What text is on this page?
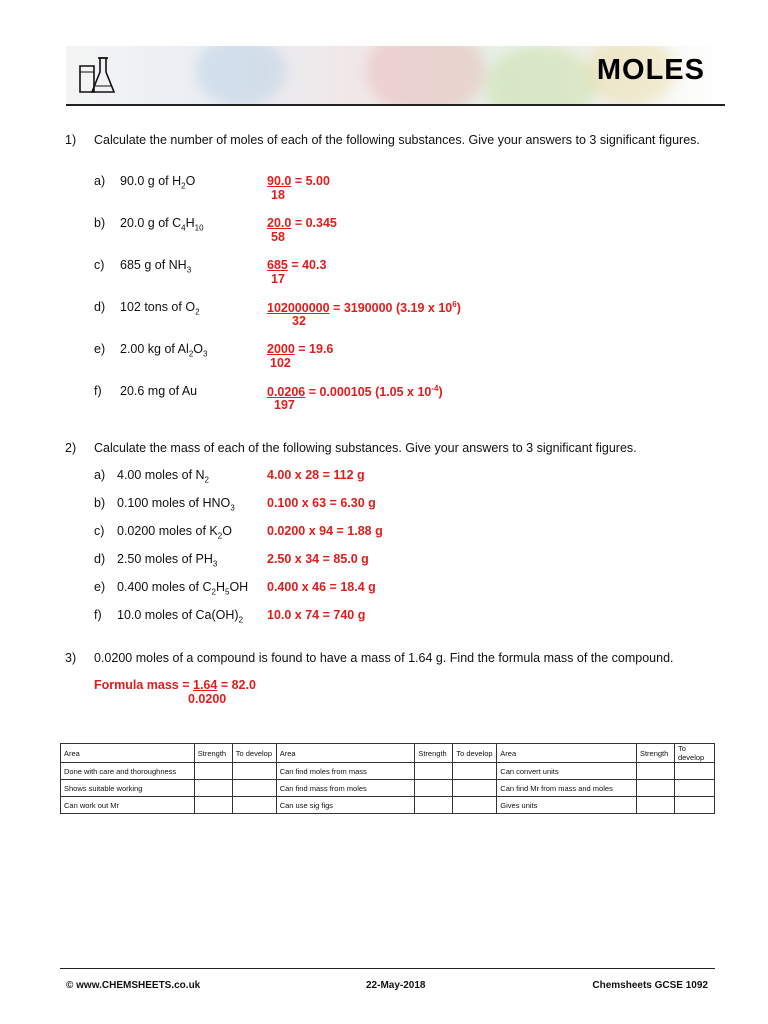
MOLES
1) Calculate the number of moles of each of the following substances. Give your answers to 3 significant figures.
a) 90.0 g of $H_2O$	90.0 = 5.00
18
b) 20.0 g of $C_4H_{10}$	20.0 = 0.345
58
c) 685 g of $NH_3$	685 = 40.3
17
d) 102 tons of $O_2$	102000000 = 3190000 (3.19 x $10^6$)
32
e) 2.00 kg of $Al_2O_3$	2000 = 19.6
102
f) 20.6 mg of Au	0.0206 = 0.000105 (1.05 x $10^{-4}$)
197
2) Calculate the mass of each of the following substances. Give your answers to 3 significant figures.
a) 4.00 moles of $N_2$	4.00 x 28 = 112 g
b) 0.100 moles of $HNO_3$	0.100 x 63 = 6.30 g
c) 0.0200 moles of $K_2O$	0.0200 x 94 = 1.88 g
d) 2.50 moles of $PH_3$	2.50 x 34 = 85.0 g
e) 0.400 moles of $C_2H_5OH$ 0.400 x 46 = 18.4 g
f) 10.0 moles of $Ca(OH)_2$ 10.0 x 74 = 740 g
3) 0.0200 moles of a compound is found to have a mass of 1.64 g. Find the formula mass of the compound.
Formula mass = 1.64 = 82.0
0.0200
Area	Strength	To develop	Area	Strength	To develop	Area	Strength	To develop
Done with care and thoroughness			Can find moles from mass			Can convert units		
Shows suitable working			Can find mass from moles			Can find Mr from mass and moles		
Can work out Mr			Can use sig figs			Gives units		
© www.CHEMSHEETS.co.uk	22-May-2018	Chemsheets GCSE 1092
